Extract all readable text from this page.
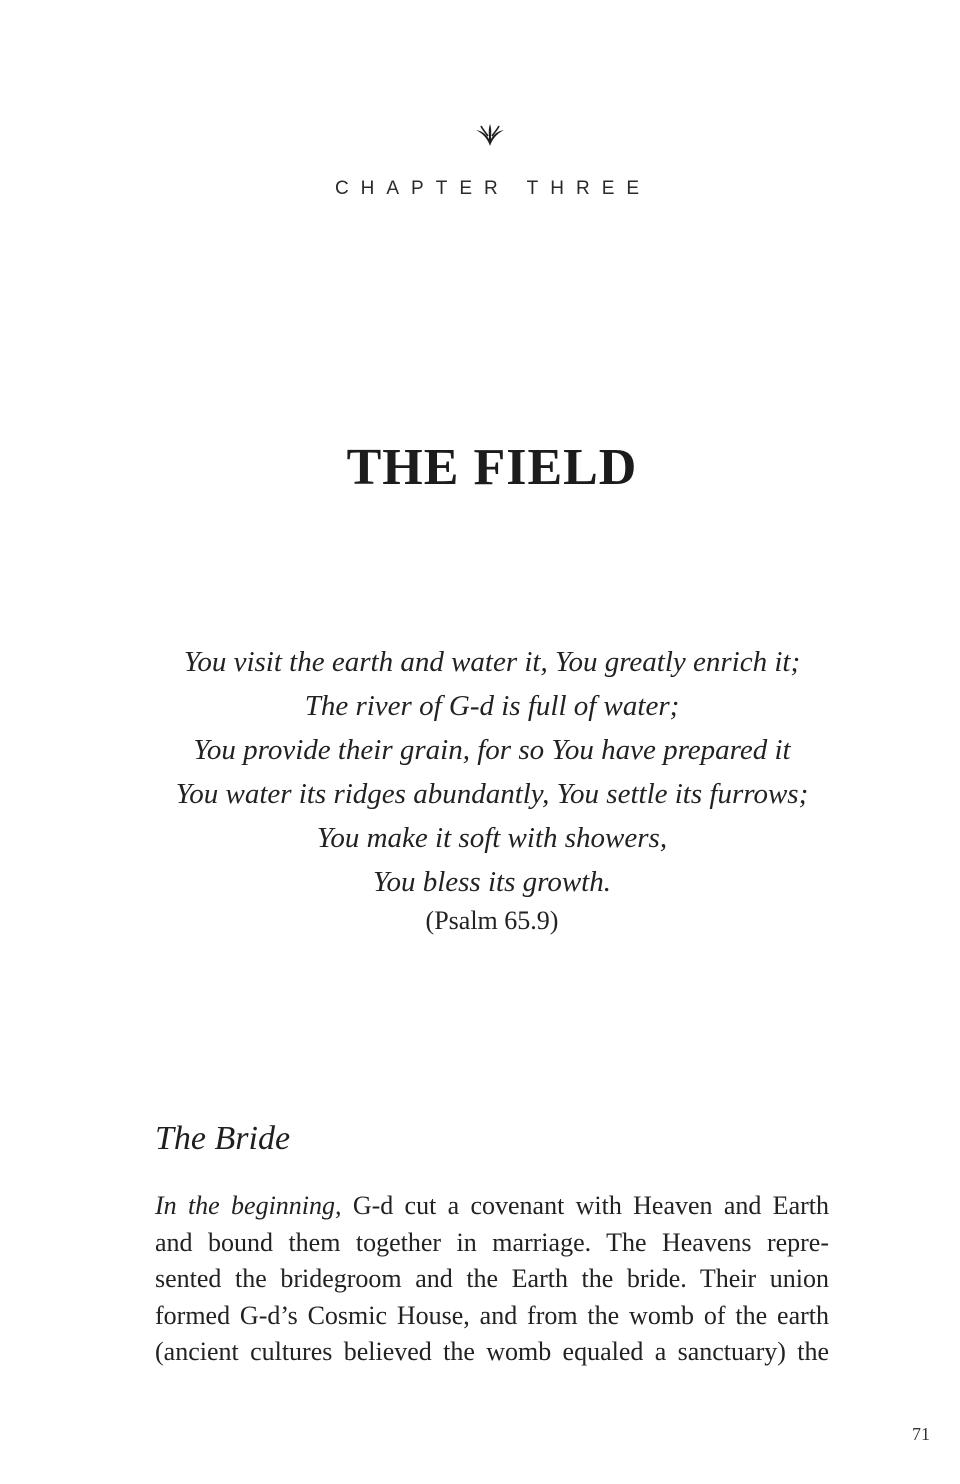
CHAPTER THREE
THE FIELD
You visit the earth and water it, You greatly enrich it;
The river of G-d is full of water;
You provide their grain, for so You have prepared it
You water its ridges abundantly, You settle its furrows;
You make it soft with showers,
You bless its growth.
(Psalm 65.9)
The Bride
In the beginning, G-d cut a covenant with Heaven and Earth
and bound them together in marriage. The Heavens repre-
sented the bridegroom and the Earth the bride. Their union
formed G-d’s Cosmic House, and from the womb of the earth
(ancient cultures believed the womb equaled a sanctuary) the
71
